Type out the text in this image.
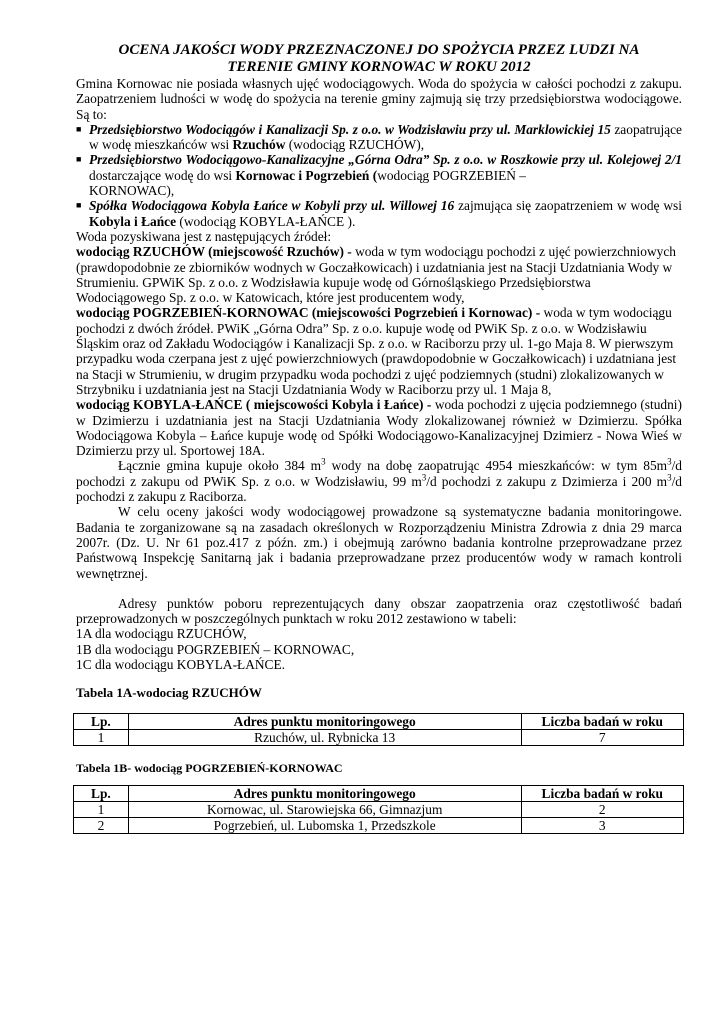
OCENA JAKOŚCI WODY PRZEZNACZONEJ DO SPOŻYCIA PRZEZ LUDZI NA
TERENIE GMINY KORNOWAC W ROKU 2012

Gmina Kornowac nie posiada własnych ujęć wodociągowych. Woda do spożycia w całości pochodzi z zakupu. Zaopatrzeniem ludności w wodę do spożycia na terenie gminy zajmują się trzy przedsiębiorstwa wodociągowe. Są to:

■ Przedsiębiorstwo Wodociągów i Kanalizacji Sp. z o.o. w Wodzisławiu przy ul. Marklowickiej 15 zaopatrujące w wodę mieszkańców wsi Rzuchów (wodociąg RZUCHÓW),

■ Przedsiębiorstwo Wodociągowo-Kanalizacyjne „Górna Odra” Sp. z o.o. w Roszkowie przy ul. Kolejowej 2/1 dostarczające wodę do wsi Kornowac i Pogrzebień (wodociąg POGRZEBIEŃ –
KORNOWAC),

■ Spółka Wodociągowa Kobyla Łańce w Kobyli przy ul. Willowej 16 zajmująca się zaopatrzeniem w wodę wsi Kobyla i Łańce (wodociąg KOBYLA-ŁAŃCE ).

Woda pozyskiwana jest z następujących źródeł:

wodociąg RZUCHÓW (miejscowość Rzuchów) - woda w tym wodociągu pochodzi z ujęć powierzchniowych (prawdopodobnie ze zbiorników wodnych w Goczałkowicach) i uzdatniania jest na Stacji Uzdatniania Wody w Strumieniu. GPWiK Sp. z o.o. z Wodzisławia kupuje wodę od Górnośląskiego Przedsiębiorstwa Wodociągowego Sp. z o.o. w Katowicach, które jest producentem wody,

wodociąg POGRZEBIEŃ-KORNOWAC (miejscowości Pogrzebień i Kornowac) - woda w tym wodociągu pochodzi z dwóch źródeł. PWiK „Górna Odra” Sp. z o.o. kupuje wodę od PWiK Sp. z o.o. w Wodzisławiu Śląskim oraz od Zakładu Wodociągów i Kanalizacji Sp. z o.o. w Raciborzu przy ul. 1-go Maja 8. W pierwszym przypadku woda czerpana jest z ujęć powierzchniowych (prawdopodobnie w Goczałkowicach) i uzdatniana jest na Stacji w Strumieniu, w drugim przypadku woda pochodzi z ujęć podziemnych (studni) zlokalizowanych w Strzybniku i uzdatniania jest na Stacji Uzdatniania Wody w Raciborzu przy ul. 1 Maja 8,

wodociąg KOBYLA-ŁAŃCE ( miejscowości Kobyla i Łańce) - woda pochodzi z ujęcia podziemnego (studni) w Dzimierzu i uzdatniania jest na Stacji Uzdatniania Wody zlokalizowanej również w Dzimierzu. Spółka Wodociągowa Kobyla – Łańce kupuje wodę od Spółki Wodociągowo-Kanalizacyjnej Dzimierz - Nowa Wieś w Dzimierzu przy ul. Sportowej 18A.

Łącznie gmina kupuje około 384 $m^3$ wody na dobę zaopatrując 4954 mieszkańców: w tym $85m^3/d$ pochodzi z zakupu od PWiK Sp. z o.o. w Wodzisławiu, 99 $m^3/d$ pochodzi z zakupu z Dzimierza i 200 $m^3/d$ pochodzi z zakupu z Raciborza.

W celu oceny jakości wody wodociągowej prowadzone są systematyczne badania monitoringowe. Badania te zorganizowane są na zasadach określonych w Rozporządzeniu Ministra Zdrowia z dnia 29 marca 2007r. (Dz. U. Nr 61 poz.417 z późn. zm.) i obejmują zarówno badania kontrolne przeprowadzane przez Państwową Inspekcję Sanitarną jak i badania przeprowadzane przez producentów wody w ramach kontroli wewnętrznej.

Adresy punktów poboru reprezentujących dany obszar zaopatrzenia oraz częstotliwość badań przeprowadzonych w poszczególnych punktach w roku 2012 zestawiono w tabeli:

1A dla wodociągu RZUCHÓW,

1B dla wodociągu POGRZEBIEŃ – KORNOWAC,

1C dla wodociągu KOBYLA-ŁAŃCE.

Tabela 1A-wodociag RZUCHÓW
Lp.	Adres punktu monitoringowego	Liczba badań w roku
1	Rzuchów, ul. Rybnicka 13	7
Tabela 1B- wodociąg POGRZEBIEŃ-KORNOWAC
Lp.	Adres punktu monitoringowego	Liczba badań w roku
1	Kornowac, ul. Starowiejska 66, Gimnazjum	2
2	Pogrzebień, ul. Lubomska 1, Przedszkole	3
